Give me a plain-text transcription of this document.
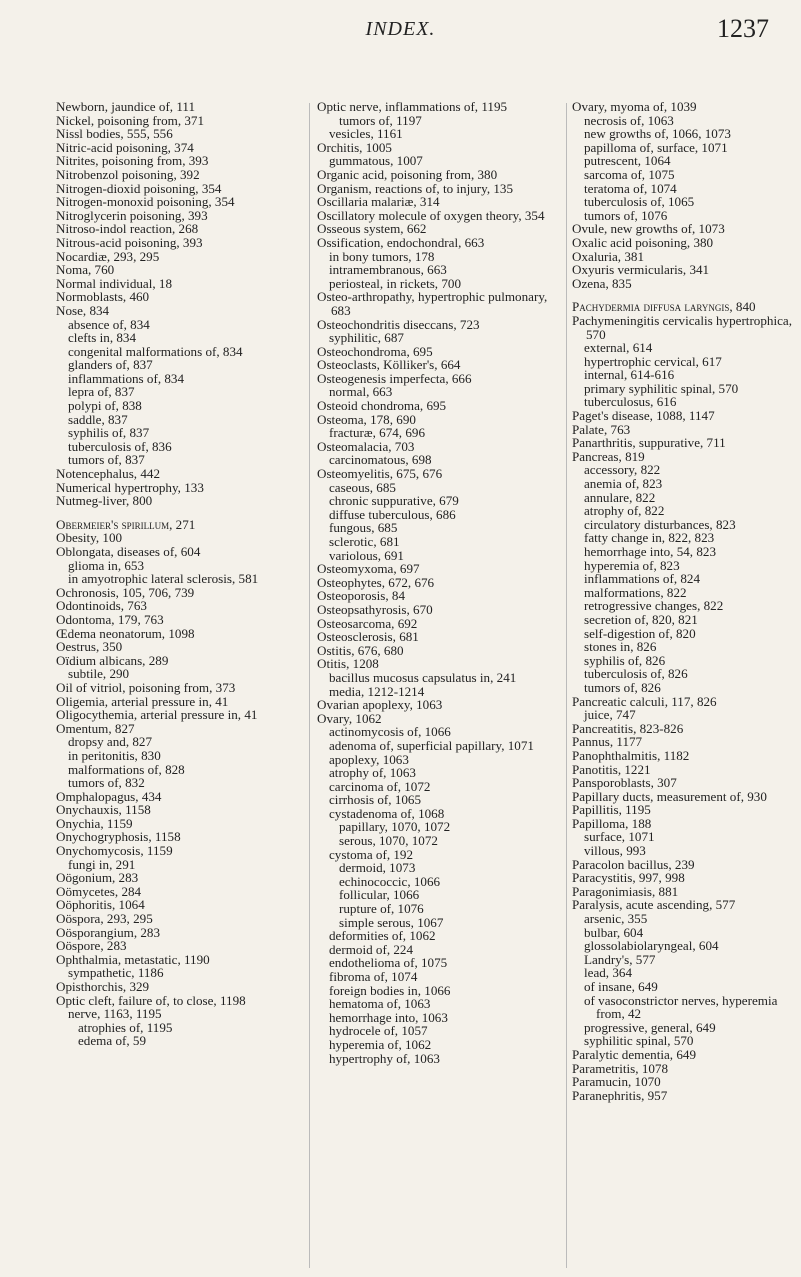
INDEX.	1237

Newborn, jaundice of, 111

Nickel, poisoning from, 371

Nissl bodies, 555, 556

Nitric-acid poisoning, 374

Nitrites, poisoning from, 393

Nitrobenzol poisoning, 392

Nitrogen-dioxid poisoning, 354

Nitrogen-monoxid poisoning, 354

Nitroglycerin poisoning, 393

Nitroso-indol reaction, 268

Nitrous-acid poisoning, 393

Nocardiæ, 293, 295

Noma, 760

Normal individual, 18

Normoblasts, 460

Nose, 834

absence of, 834

clefts in, 834

congenital malformations of, 834

glanders of, 837

inflammations of, 834

lepra of, 837

polypi of, 838

saddle, 837

syphilis of, 837

tuberculosis of, 836

tumors of, 837

Notencephalus, 442

Numerical hypertrophy, 133

Nutmeg-liver, 800

Obermeier's spirillum, 271

Obesity, 100

Oblongata, diseases of, 604

glioma in, 653

in amyotrophic lateral sclerosis, 581

Ochronosis, 105, 706, 739

Odontinoids, 763

Odontoma, 179, 763

Œdema neonatorum, 1098

Oestrus, 350

Oïdium albicans, 289

subtile, 290

Oil of vitriol, poisoning from, 373

Oligemia, arterial pressure in, 41

Oligocythemia, arterial pressure in, 41

Omentum, 827

dropsy and, 827

in peritonitis, 830

malformations of, 828

tumors of, 832

Omphalopagus, 434

Onychauxis, 1158

Onychia, 1159

Onychogryphosis, 1158

Onychomycosis, 1159

fungi in, 291

Oögonium, 283

Oömycetes, 284

Oöphoritis, 1064

Oöspora, 293, 295

Oösporangium, 283

Oöspore, 283

Ophthalmia, metastatic, 1190

sympathetic, 1186

Opisthorchis, 329

Optic cleft, failure of, to close, 1198

nerve, 1163, 1195

atrophies of, 1195

edema of, 59

Optic nerve, inflammations of, 1195

tumors of, 1197

vesicles, 1161

Orchitis, 1005

gummatous, 1007

Organic acid, poisoning from, 380

Organism, reactions of, to injury, 135

Oscillaria malariæ, 314

Oscillatory molecule of oxygen theory, 354

Osseous system, 662

Ossification, endochondral, 663

in bony tumors, 178

intramembranous, 663

periosteal, in rickets, 700

Osteo-arthropathy, hypertrophic pulmonary, 683

Osteochondritis diseccans, 723

syphilitic, 687

Osteochondroma, 695

Osteoclasts, Kölliker's, 664

Osteogenesis imperfecta, 666

normal, 663

Osteoid chondroma, 695

Osteoma, 178, 690

fracturæ, 674, 696

Osteomalacia, 703

carcinomatous, 698

Osteomyelitis, 675, 676

caseous, 685

chronic suppurative, 679

diffuse tuberculous, 686

fungous, 685

sclerotic, 681

variolous, 691

Osteomyxoma, 697

Osteophytes, 672, 676

Osteoporosis, 84

Osteopsathyrosis, 670

Osteosarcoma, 692

Osteosclerosis, 681

Ostitis, 676, 680

Otitis, 1208

bacillus mucosus capsulatus in, 241

media, 1212-1214

Ovarian apoplexy, 1063

Ovary, 1062

actinomycosis of, 1066

adenoma of, superficial papillary, 1071

apoplexy, 1063

atrophy of, 1063

carcinoma of, 1072

cirrhosis of, 1065

cystadenoma of, 1068

papillary, 1070, 1072

serous, 1070, 1072

cystoma of, 192

dermoid, 1073

echinococcic, 1066

follicular, 1066

rupture of, 1076

simple serous, 1067

deformities of, 1062

dermoid of, 224

endothelioma of, 1075

fibroma of, 1074

foreign bodies in, 1066

hematoma of, 1063

hemorrhage into, 1063

hydrocele of, 1057

hyperemia of, 1062

hypertrophy of, 1063

Ovary, myoma of, 1039

necrosis of, 1063

new growths of, 1066, 1073

papilloma of, surface, 1071

putrescent, 1064

sarcoma of, 1075

teratoma of, 1074

tuberculosis of, 1065

tumors of, 1076

Ovule, new growths of, 1073

Oxalic acid poisoning, 380

Oxaluria, 381

Oxyuris vermicularis, 341

Ozena, 835

Pachydermia diffusa laryngis, 840

Pachymeningitis cervicalis hypertrophica, 570

external, 614

hypertrophic cervical, 617

internal, 614-616

primary syphilitic spinal, 570

tuberculosus, 616

Paget's disease, 1088, 1147

Palate, 763

Panarthritis, suppurative, 711

Pancreas, 819

accessory, 822

anemia of, 823

annulare, 822

atrophy of, 822

circulatory disturbances, 823

fatty change in, 822, 823

hemorrhage into, 54, 823

hyperemia of, 823

inflammations of, 824

malformations, 822

retrogressive changes, 822

secretion of, 820, 821

self-digestion of, 820

stones in, 826

syphilis of, 826

tuberculosis of, 826

tumors of, 826

Pancreatic calculi, 117, 826

juice, 747

Pancreatitis, 823-826

Pannus, 1177

Panophthalmitis, 1182

Panotitis, 1221

Pansporoblasts, 307

Papillary ducts, measurement of, 930

Papillitis, 1195

Papilloma, 188

surface, 1071

villous, 993

Paracolon bacillus, 239

Paracystitis, 997, 998

Paragonimiasis, 881

Paralysis, acute ascending, 577

arsenic, 355

bulbar, 604

glossolabiolaryngeal, 604

Landry's, 577

lead, 364

of insane, 649

of vasoconstrictor nerves, hyperemia from, 42

progressive, general, 649

syphilitic spinal, 570

Paralytic dementia, 649

Parametritis, 1078

Paramucin, 1070

Paranephritis, 957
